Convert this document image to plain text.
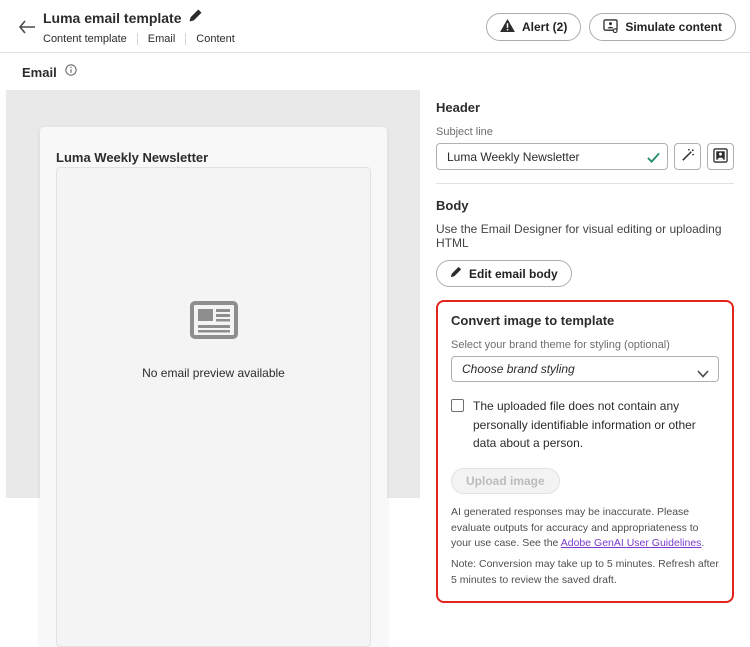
Luma email template
Content template	Email	Content
Alert (2)	Simulate content
Email
Luma Weekly Newsletter
No email preview available
Header
Subject line
Luma Weekly Newsletter
Body
Use the Email Designer for visual editing or uploading HTML
Edit email body
Convert image to template
Select your brand theme for styling (optional)
Choose brand styling
The uploaded file does not contain any personally identifiable information or other data about a person.
Upload image
AI generated responses may be inaccurate. Please evaluate outputs for accuracy and appropriateness to your use case. See the Adobe GenAI User Guidelines.
Note: Conversion may take up to 5 minutes. Refresh after 5 minutes to review the saved draft.
